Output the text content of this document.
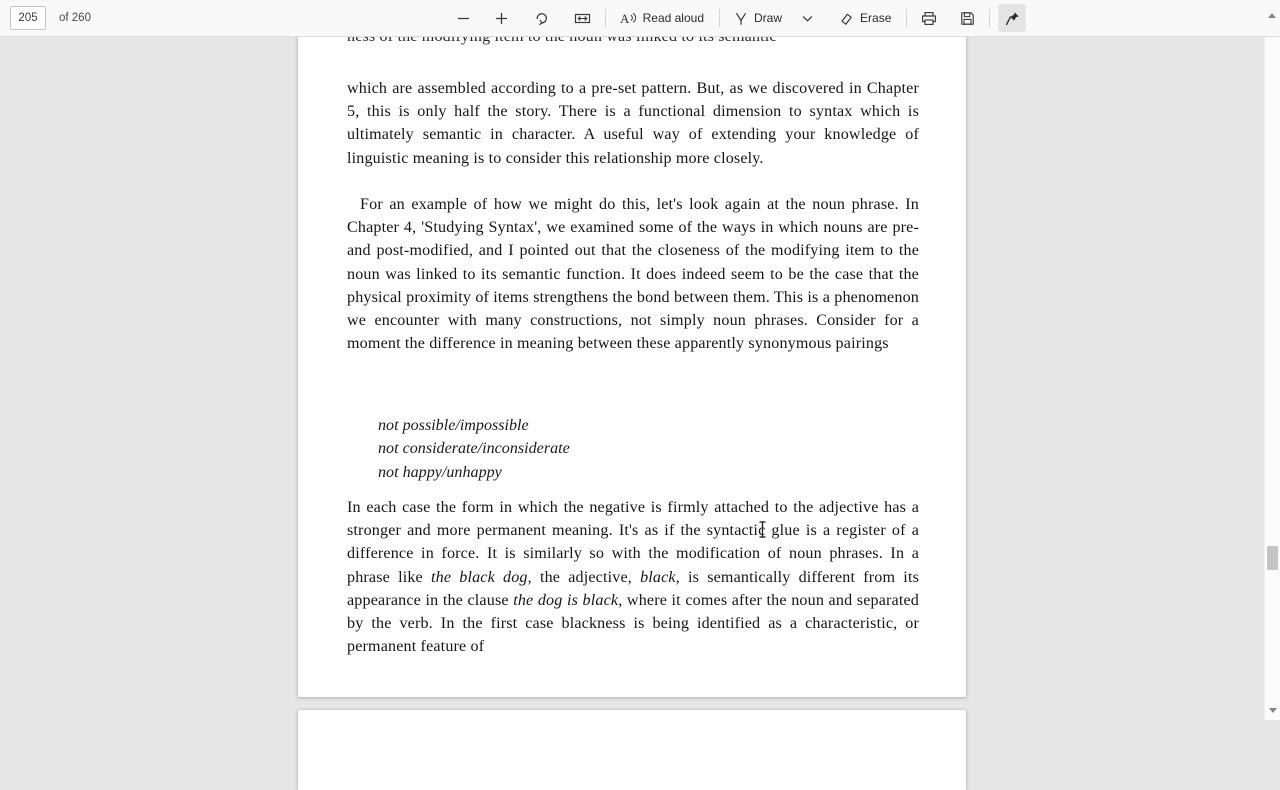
205
of 260	A Read aloud	Draw	Erase

which are assembled according to a pre-set pattern. But, as we discovered in Chapter 5, this is only half the story. There is a functional dimension to syntax which is ultimately semantic in character. A useful way of extending your knowledge of linguistic meaning is to consider this relationship more closely.

For an example of how we might do this, let's look again at the noun phrase. In Chapter 4, 'Studying Syntax', we examined some of the ways in which nouns are pre- and post-modified, and I pointed out that the closeness of the modifying item to the noun was linked to its semantic function. It does indeed seem to be the case that the physical proximity of items strengthens the bond between them. This is a phenomenon we encounter with many constructions, not simply noun phrases. Consider for a moment the difference in meaning between these apparently synonymous pairings

not possible/impossible
not considerate/inconsiderate
not happy/unhappy

In each case the form in which the negative is firmly attached to the adjective has a stronger and more permanent meaning. It's as if the syntactic glue is a register of a difference in force. It is similarly so with the modification of noun phrases. In a phrase like the black dog, the adjective, black, is semantically different from its appearance in the clause the dog is black, where it comes after the noun and separated by the verb. In the first case blackness is being identified as a characteristic, or permanent feature of
